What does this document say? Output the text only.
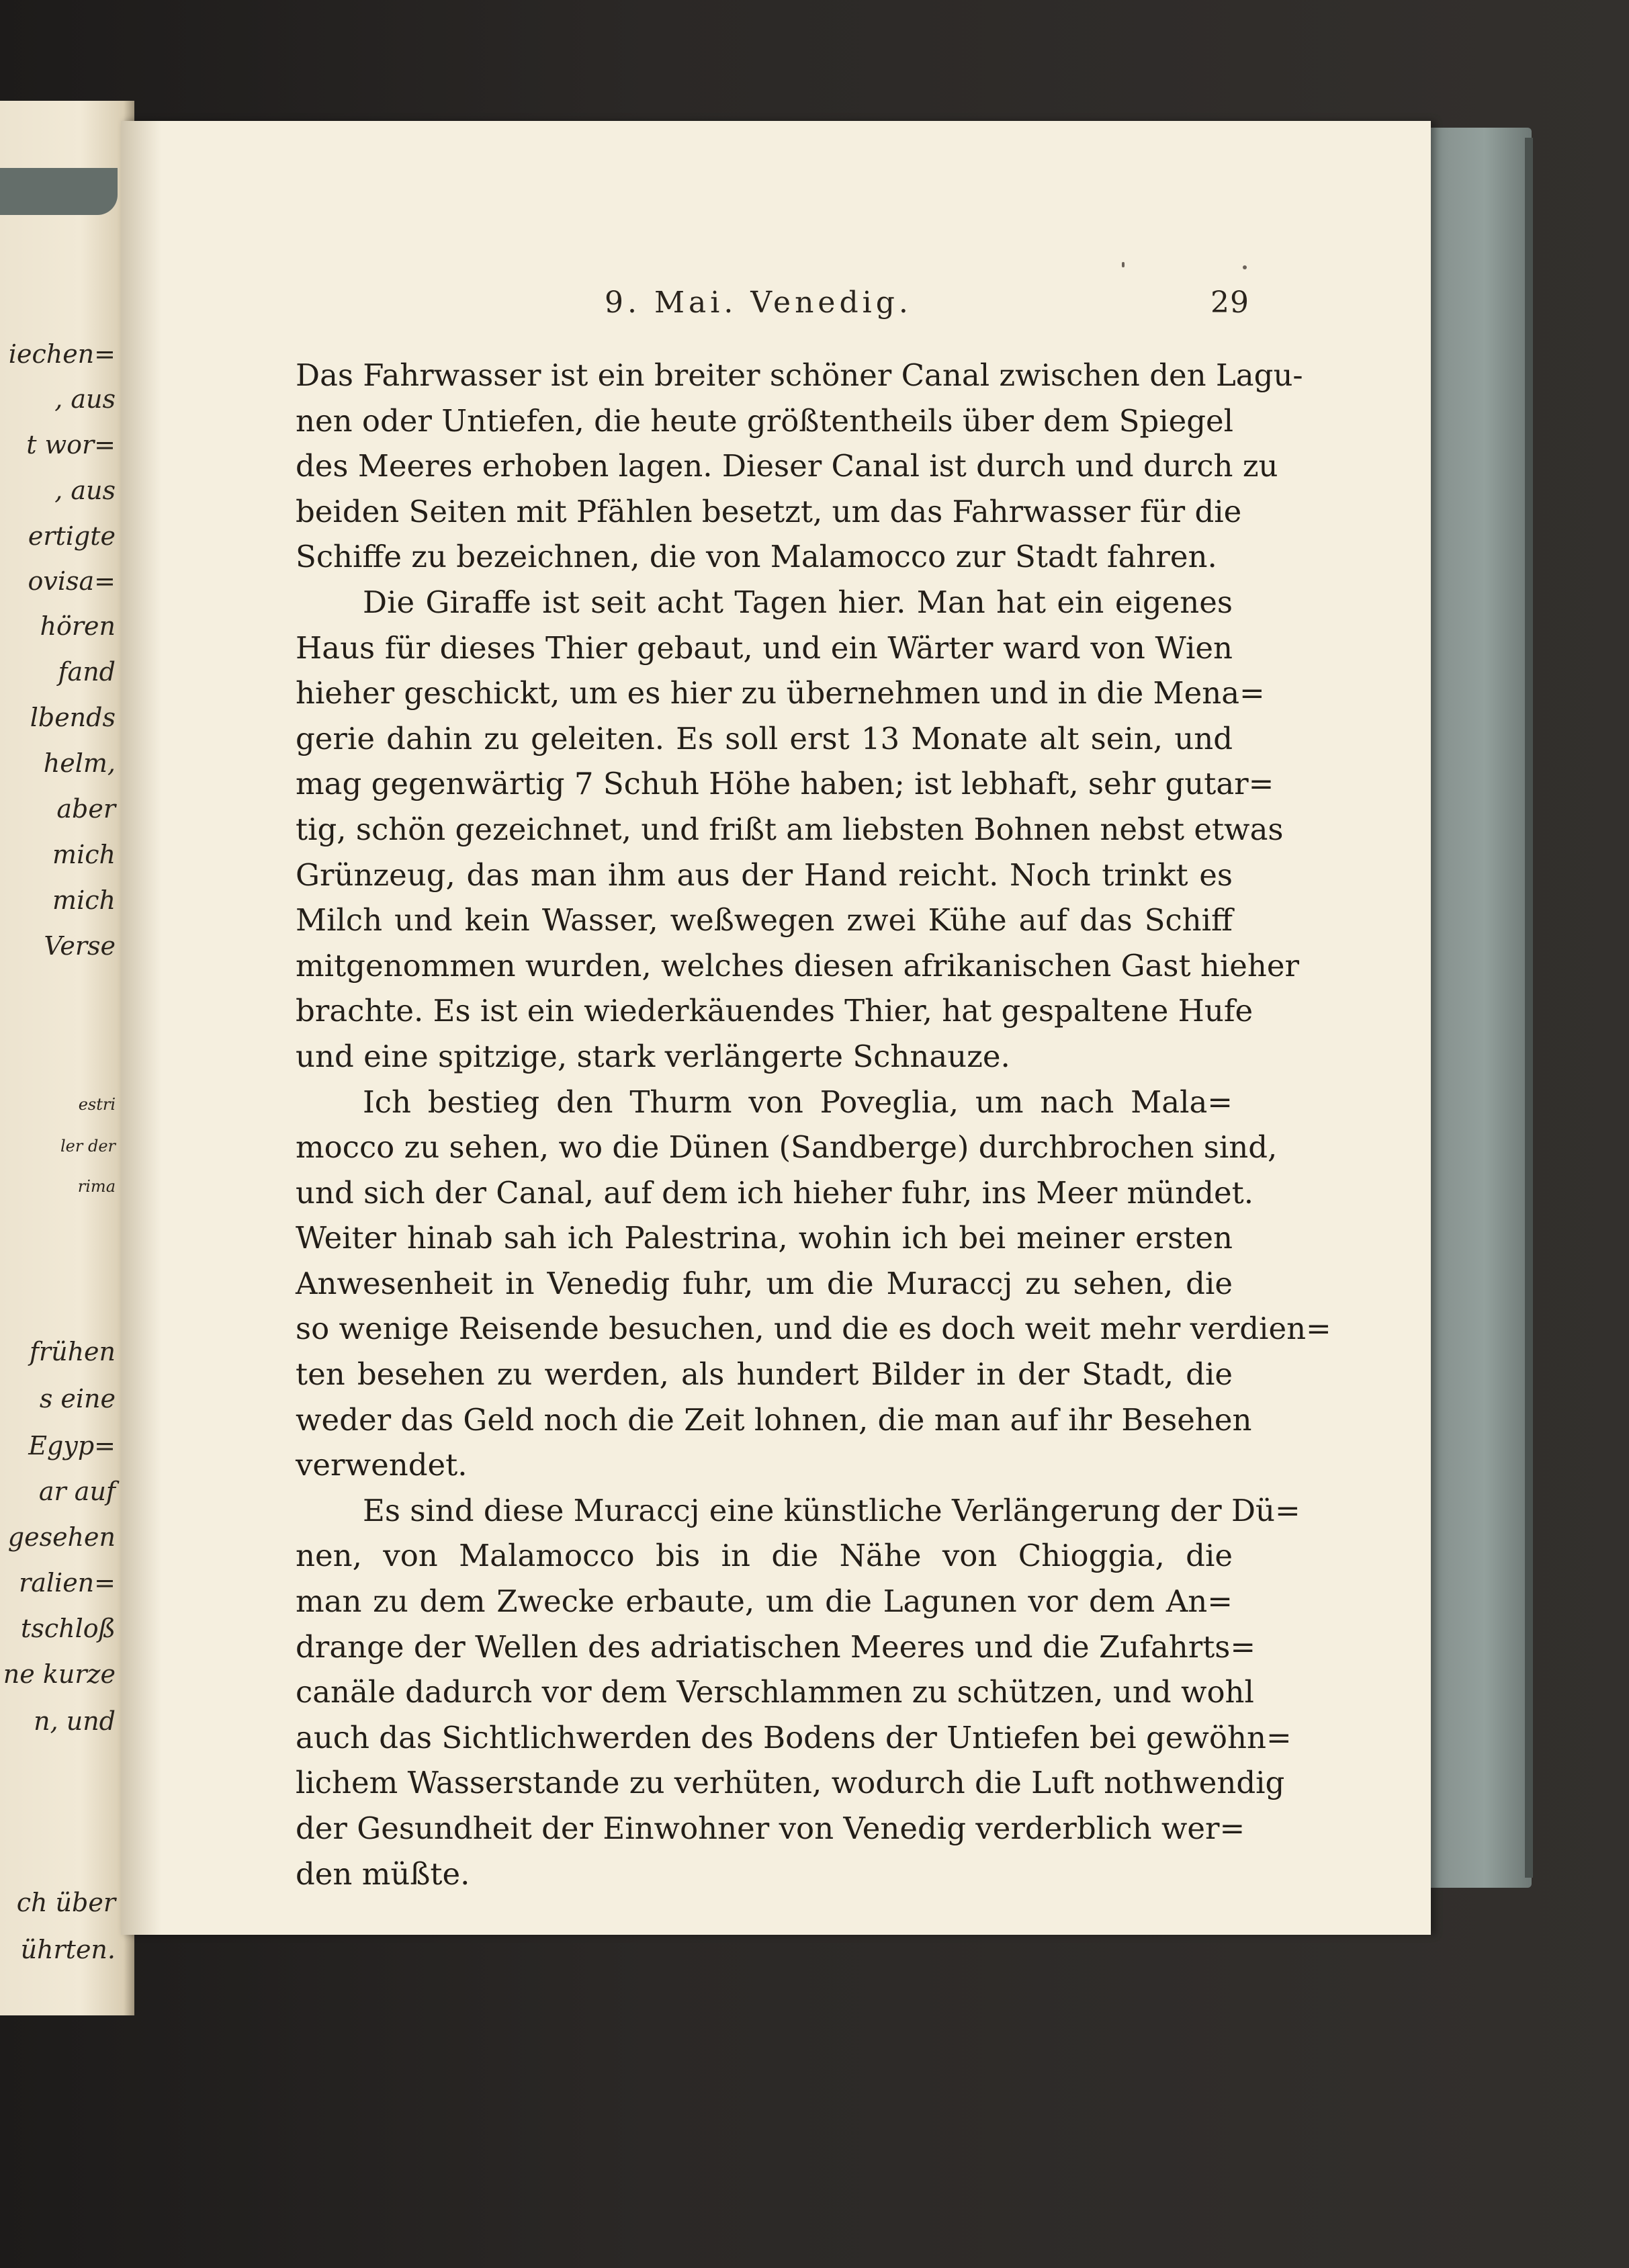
iechen=
, aus
t wor=
, aus
ertigte
ovisa=
hören
fand
lbends
helm,
aber
mich
mich
Verse
estri
ler der
rima
frühen
s eine
Egyp=
ar auf
gesehen
ralien=
tschloß
ne kurze
n, und
ch über
ührten.
9. Mai. Venedig.	29
Das Fahrwasser ist ein breiter schöner Canal zwischen den Lagu-
nen oder Untiefen, die heute größtentheils über dem Spiegel
des Meeres erhoben lagen. Dieser Canal ist durch und durch zu
beiden Seiten mit Pfählen besetzt, um das Fahrwasser für die
Schiffe zu bezeichnen, die von Malamocco zur Stadt fahren.
Die Giraffe ist seit acht Tagen hier. Man hat ein eigenes
Haus für dieses Thier gebaut, und ein Wärter ward von Wien
hieher geschickt, um es hier zu übernehmen und in die Mena=
gerie dahin zu geleiten. Es soll erst 13 Monate alt sein, und
mag gegenwärtig 7 Schuh Höhe haben; ist lebhaft, sehr gutar=
tig, schön gezeichnet, und frißt am liebsten Bohnen nebst etwas
Grünzeug, das man ihm aus der Hand reicht. Noch trinkt es
Milch und kein Wasser, weßwegen zwei Kühe auf das Schiff
mitgenommen wurden, welches diesen afrikanischen Gast hieher
brachte. Es ist ein wiederkäuendes Thier, hat gespaltene Hufe
und eine spitzige, stark verlängerte Schnauze.
Ich bestieg den Thurm von Poveglia, um nach Mala=
mocco zu sehen, wo die Dünen (Sandberge) durchbrochen sind,
und sich der Canal, auf dem ich hieher fuhr, ins Meer mündet.
Weiter hinab sah ich Palestrina, wohin ich bei meiner ersten
Anwesenheit in Venedig fuhr, um die Muraccj zu sehen, die
so wenige Reisende besuchen, und die es doch weit mehr verdien=
ten besehen zu werden, als hundert Bilder in der Stadt, die
weder das Geld noch die Zeit lohnen, die man auf ihr Besehen
verwendet.
Es sind diese Muraccj eine künstliche Verlängerung der Dü=
nen, von Malamocco bis in die Nähe von Chioggia, die
man zu dem Zwecke erbaute, um die Lagunen vor dem An=
drange der Wellen des adriatischen Meeres und die Zufahrts=
canäle dadurch vor dem Verschlammen zu schützen, und wohl
auch das Sichtlichwerden des Bodens der Untiefen bei gewöhn=
lichem Wasserstande zu verhüten, wodurch die Luft nothwendig
der Gesundheit der Einwohner von Venedig verderblich wer=
den müßte.
